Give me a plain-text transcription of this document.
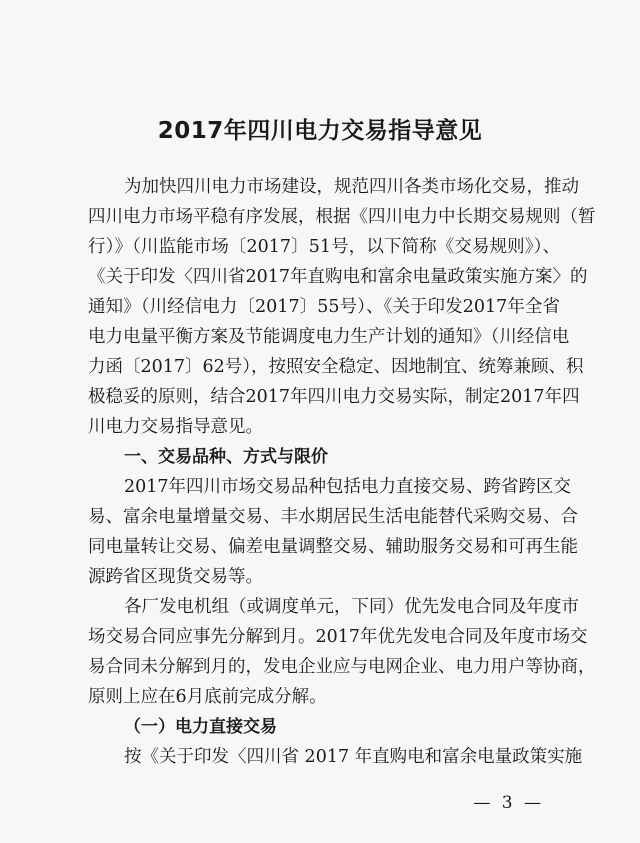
2017年四川电力交易指导意见
为加快四川电力市场建设，规范四川各类市场化交易，推动
四川电力市场平稳有序发展，根据《四川电力中长期交易规则（暂
行）》（川监能市场〔2017〕51号，以下简称《交易规则》）、
《关于印发〈四川省2017年直购电和富余电量政策实施方案〉的
通知》（川经信电力〔2017〕55号）、《关于印发2017年全省
电力电量平衡方案及节能调度电力生产计划的通知》（川经信电
力函〔2017〕62号），按照安全稳定、因地制宜、统筹兼顾、积
极稳妥的原则，结合2017年四川电力交易实际，制定2017年四
川电力交易指导意见。
一、交易品种、方式与限价
2017年四川市场交易品种包括电力直接交易、跨省跨区交
易、富余电量增量交易、丰水期居民生活电能替代采购交易、合
同电量转让交易、偏差电量调整交易、辅助服务交易和可再生能
源跨省区现货交易等。
各厂发电机组（或调度单元，下同）优先发电合同及年度市
场交易合同应事先分解到月。2017年优先发电合同及年度市场交
易合同未分解到月的，发电企业应与电网企业、电力用户等协商，
原则上应在6月底前完成分解。
（一）电力直接交易
按《关于印发〈四川省 2017 年直购电和富余电量政策实施
— 3 —
